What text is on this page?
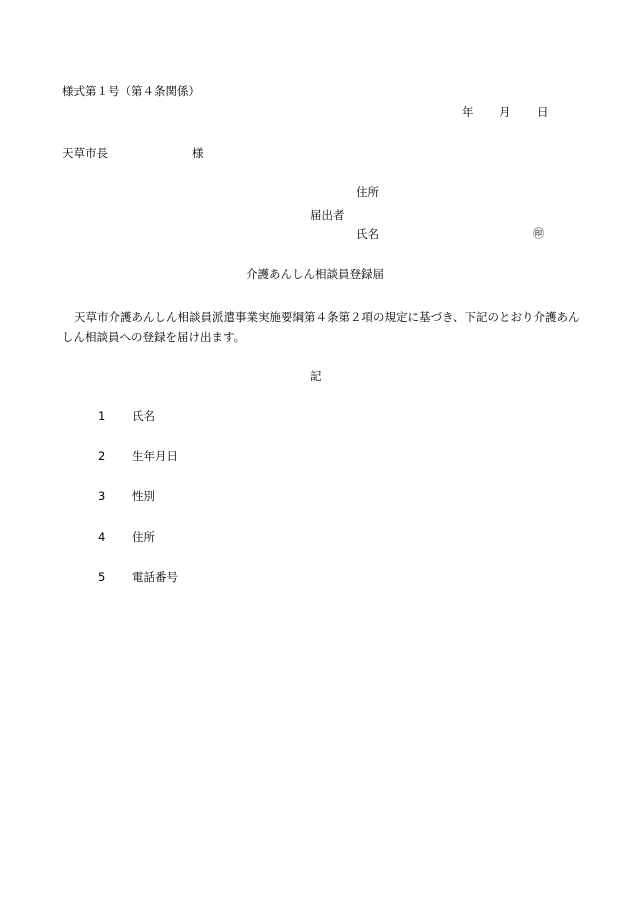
様式第１号（第４条関係）
年 月 日
天草市長	様
住所
届出者
氏名	㊞
介護あんしん相談員登録届
天草市介護あんしん相談員派遣事業実施要綱第４条第２項の規定に基づき、下記のとおり介護あんしん相談員への登録を届け出ます。
記
1 氏名
2 生年月日
3 性別
4 住所
5 電話番号
